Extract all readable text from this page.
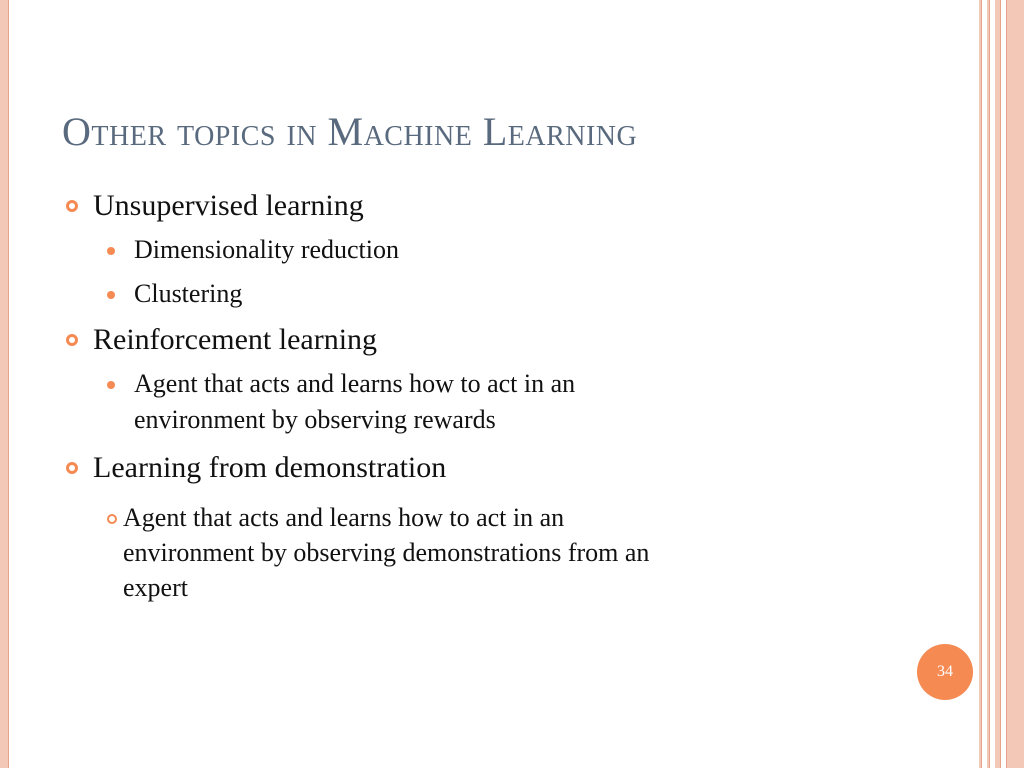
Other topics in Machine Learning
Unsupervised learning
Dimensionality reduction
Clustering
Reinforcement learning
Agent that acts and learns how to act in an
environment by observing rewards
Learning from demonstration
Agent that acts and learns how to act in an
environment by observing demonstrations from an
expert
34
